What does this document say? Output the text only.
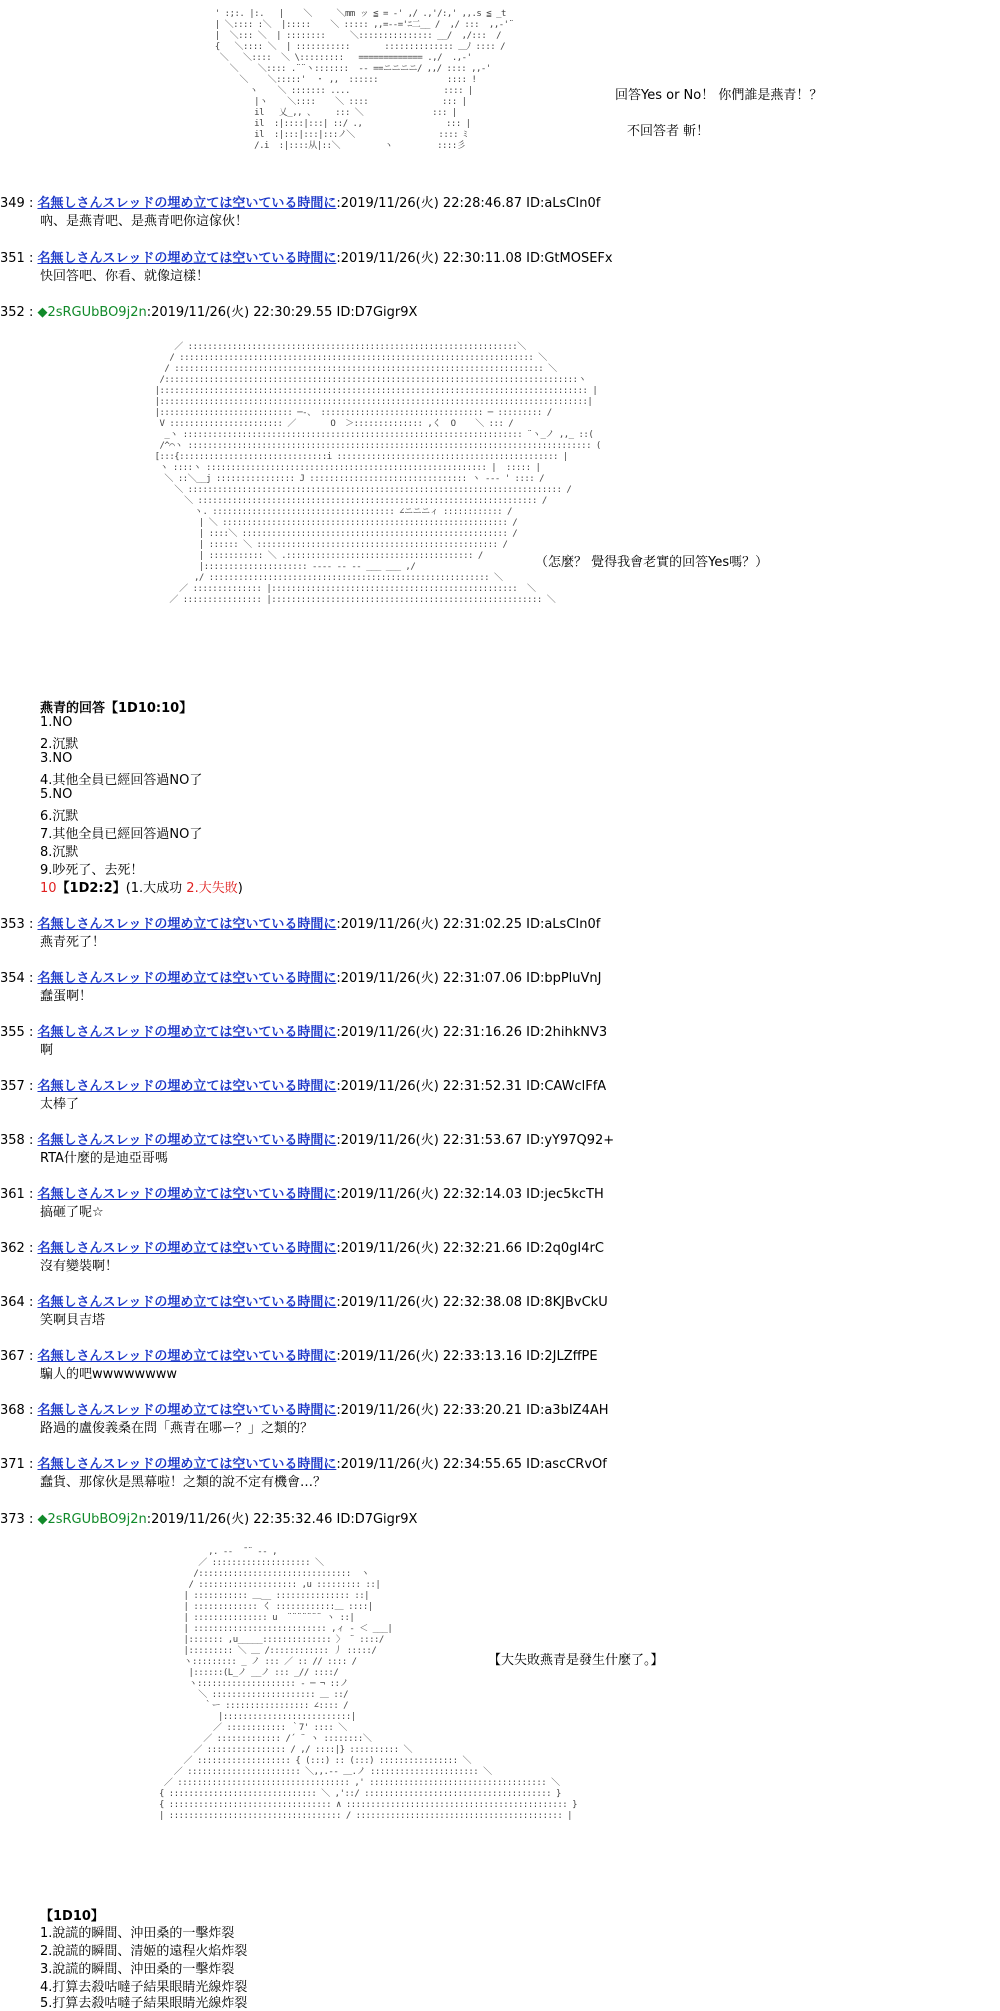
' :;:. |:.   |    ＼     ＼mm ッ ≦ = -' ,/ .,'/:,' ,,.s ≦ _t
| ＼:::: :＼  |:::::    ＼ ::::: ,,=--='ﾆ二__ /  ,/ :::  ,,-'¨
|  ＼::: ＼  | ::::::::     ＼::::::::::::::: __/  ,/:::  /
{   ＼:::: ＼  | :::::::::::       :::::::::::::: ＿ﾉ :::: /
＼   ＼::::  ＼ \:::::::::   ============= .,/  .,-'
＼    ＼:::: .¨¨ヽ:::::::  -- ==ニニニニ/ ,,/ :::: ,,-'
＼    ＼:::::'  ・ ,,  ::::::              :::: !
ヽ    ＼ ::::::: ....                   :::: |
|ヽ    ＼::::    ＼ ::::               ::: |
il   乂_,, 、    ::: ＼              ::: |
il  :|::::|:::| ::/ .,                 ::: |
il  :|:::|:::|:::ノ＼                 :::: ﾐ
/.i  :|::::从|::＼         ヽ         ::::彡
回答Yes or No！ 你們誰是燕青！？
不回答者 斬！
349 : 名無しさんスレッドの埋め立ては空いている時間に:2019/11/26(火) 22:28:46.87 ID:aLsCIn0f
吶、是燕青吧、是燕青吧你這傢伙！
351 : 名無しさんスレッドの埋め立ては空いている時間に:2019/11/26(火) 22:30:11.08 ID:GtMOSEFx
快回答吧、你看、就像這樣！
352 : ◆2sRGUbBO9j2n:2019/11/26(火) 22:30:29.55 ID:D7Gigr9X
／ :::::::::::::::::::::::::::::::::::::::::::::::::::::::::::::::::::＼
/ :::::::::::::::::::::::::::::::::::::::::::::::::::::::::::::::::::::::: ＼
/ ::::::::::::::::::::::::::::::::::::::::::::::::::::::::::::::::::::::::::: ＼
/::::::::::::::::::::::::::::::::::::::::::::::::::::::::::::::::::::::::::::::::::::ヽ
|::::::::::::::::::::::::::::::::::::::::::::::::::::::::::::::::::::::::::::::::::::::: |
|:::::::::::::::::::::::::::::::::::::::::::::::::::::::::::::::::::::::::::::::::::::::|
|::::::::::::::::::::::::::: ─-、 ::::::::::::::::::::::::::::::::: ─ ::::::::: /
V ::::::::::::::::::::::: ／       O  ＞:::::::::::::: ,く  O    ＼ ::: /
_ヽ ::::::::::::::::::::::::::::::::::::::::::::::::::::::::::::::::::::: ¨ヽ_ノ ,,_ ::(
/^⌒ヽ :::::::::::::::::::::::::::::::::::::::::::::::::::::::::::::::::::::::::::::::::: (
[:::{::::::::::::::::::::::::::::::i ::::::::::::::::::::::::::::::::::::::::::::: |
ヽ ::::ヽ ::::::::::::::::::::::::::::::::::::::::::::::::::::::::: |  ::::: |
＼ ::＼__j :::::::::::::::: J :::::::::::::::::::::::::::::::: ヽ --- ' :::: /
＼ :::::::::::::::::::::::::::::::::::::::::::::::::::::::::::::::::::::::::::: /
＼ ::::::::::::::::::::::::::::::::::::::::::::::::::::::::::::::::::::: /
ヽ. ::::::::::::::::::::::::::::::::::::: ∠ニニニィ :::::::::::: /
| ＼ :::::::::::::::::::::::::::::::::::::::::::::::::::::::::: /
| ::::＼ :::::::::::::::::::::::::::::::::::::::::::::::::::::: /
| :::::: ＼ ::::::::::::::::::::::::::::::::::::::::::::::::: /
| ::::::::::: ＼ .:::::::::::::::::::::::::::::::::::::: /
|::::::::::::::::::::: ---- -- -- ___ ___ ,/
,/ ::::::::::::::::::::::::::::::::::::::::::::::::::::::::: ＼
／ :::::::::::::: |::::::::::::::::::::::::::::::::::::::::::::::::::  ＼
／ :::::::::::::::: |::::::::::::::::::::::::::::::::::::::::::::::::::::::: ＼
（怎麼？ 覺得我會老實的回答Yes嗎？）
燕青的回答【1D10:10】
1.NO
2.沉默
3.NO
4.其他全員已經回答過NO了
5.NO
6.沉默
7.其他全員已經回答過NO了
8.沉默
9.吵死了、去死！
10【1D2:2】(1.大成功 2.大失敗)
353 : 名無しさんスレッドの埋め立ては空いている時間に:2019/11/26(火) 22:31:02.25 ID:aLsCIn0f
燕青死了！
354 : 名無しさんスレッドの埋め立ては空いている時間に:2019/11/26(火) 22:31:07.06 ID:bpPluVnJ
蠢蛋啊！
355 : 名無しさんスレッドの埋め立ては空いている時間に:2019/11/26(火) 22:31:16.26 ID:2hihkNV3
啊
357 : 名無しさんスレッドの埋め立ては空いている時間に:2019/11/26(火) 22:31:52.31 ID:CAWclFfA
太棒了
358 : 名無しさんスレッドの埋め立ては空いている時間に:2019/11/26(火) 22:31:53.67 ID:yY97Q92+
RTA什麼的是迪亞哥嗎
361 : 名無しさんスレッドの埋め立ては空いている時間に:2019/11/26(火) 22:32:14.03 ID:jec5kcTH
搞砸了呢☆
362 : 名無しさんスレッドの埋め立ては空いている時間に:2019/11/26(火) 22:32:21.66 ID:2q0gI4rC
沒有變裝啊！
364 : 名無しさんスレッドの埋め立ては空いている時間に:2019/11/26(火) 22:32:38.08 ID:8KJBvCkU
笑啊貝吉塔
367 : 名無しさんスレッドの埋め立ては空いている時間に:2019/11/26(火) 22:33:13.16 ID:2JLZffPE
騙人的吧wwwwwwww
368 : 名無しさんスレッドの埋め立ては空いている時間に:2019/11/26(火) 22:33:20.21 ID:a3bIZ4AH
路過的盧俊義桑在問「燕青在哪ー？」之類的？
371 : 名無しさんスレッドの埋め立ては空いている時間に:2019/11/26(火) 22:34:55.65 ID:ascCRvOf
蠢貨、那傢伙是黑幕啦！之類的說不定有機會…？
373 : ◆2sRGUbBO9j2n:2019/11/26(火) 22:35:32.46 ID:D7Gigr9X
,. -‐  ̄ ¨ ‐- ,
／ :::::::::::::::::::: ＼
/:::::::::::::::::::::::::::::::  ヽ
/ :::::::::::::::::::: ,u ::::::::: ::|
| ::::::::::: ＿__ ::::::::::::::: ::|
| ::::::::::::: く ::::::::::::＿ ::::|
| ::::::::::::::: u  ¨¨¨¨¨¨¨ ヽ ::|
| ::::::::::::::::::::::::::: ,ィ ‐ ＜ ___|
|::::::: ,u_____:::::::::::::: 〉 ¨ ::::/
|::::::::: ＼ ＿ /:::::::::::: 丿 :::::/
ヽ::::::::: _ ノ ::: ／ :: // :::: /
|::::::(L_ノ __ノ ::: _// ::::/
ヽ:::::::::::::::::::: ‐ ─ ¬ ::ノ
＼ ::::::::::::::::::::: ＿ ::/
｀ー ::::::::::::::::: ∠:::: /
|::::::::::::::::::::::::::|
／ :::::::::::: ｀7' :::: ＼
／ ::::::::::::: /´ ¨ ヽ ::::::::＼
／ :::::::::::::::: / ,/ ::::|} :::::::::: ＼
／ ::::::::::::::::::: { (:::) :: (:::) :::::::::::::::: ＼
／ ::::::::::::::::::::::: ＼,,.-‐ ＿.ノ :::::::::::::::::::::: ＼
／ ::::::::::::::::::::::::::::::::::: ,' :::::::::::::::::::::::::::::::::::: ＼
{ :::::::::::::::::::::::::::::: ＼ ,'::/ :::::::::::::::::::::::::::::::::::::: }
{ ::::::::::::::::::::::::::::::::: ∧ ::::::::::::::::::::::::::::::::::::::::::::: }
| ::::::::::::::::::::::::::::::::::: / :::::::::::::::::::::::::::::::::::::::::: |
【大失敗燕青是發生什麼了。】
【1D10】
1.說謊的瞬間、沖田桑的一擊炸裂
2.說謊的瞬間、清姬的遠程火焰炸裂
3.說謊的瞬間、沖田桑的一擊炸裂
4.打算去殺咕噠子結果眼睛光線炸裂
5.打算去殺咕噠子結果眼睛光線炸裂
